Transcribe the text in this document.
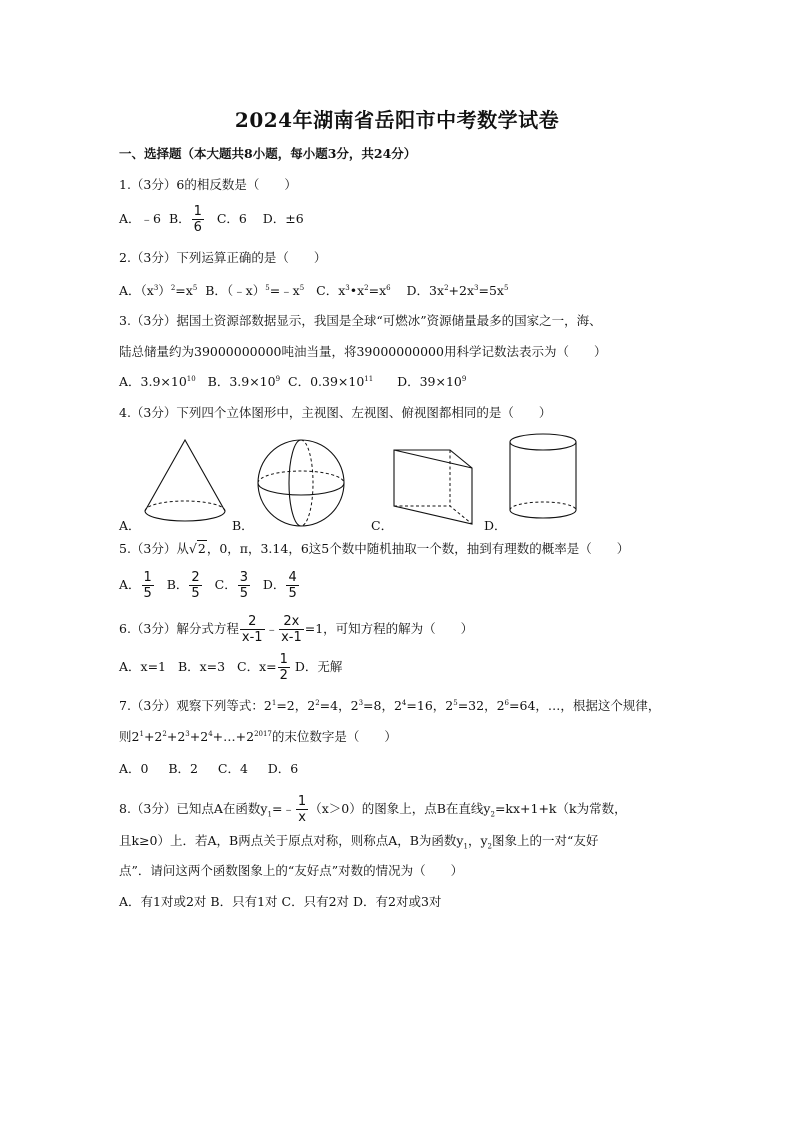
2024年湖南省岳阳市中考数学试卷
一、选择题（本大题共8小题，每小题3分，共24分）
1.（3分）6的相反数是（　　）
A．﹣6 B． $\frac{1}{6}$ C．6 D．±6
2.（3分）下列运算正确的是（　　）
A．$(x^3)^2=x^5$ B．$(﹣x)^5=﹣x^5$ C．$x^3•x^2=x^6$ D．$3x^2+2x^3=5x^5$
3.（3分）据国土资源部数据显示，我国是全球“可燃冰”资源储量最多的国家之一，海、
陆总储量约为39000000000吨油当量，将39000000000用科学记数法表示为（　　）
A．$3.9\times 10^{10}$ B．$3.9\times 10^9$ C．$0.39\times 10^{11}$ D．$39\times 10^9$
4.（3分）下列四个立体图形中，主视图、左视图、俯视图都相同的是（　　）
A．	B．	C．	D．
5.（3分）从√2，0，π，3.14，6这5个数中随机抽取一个数，抽到有理数的概率是（　　）
A． $\frac{1}{5}$ B． $\frac{2}{5}$ C． $\frac{3}{5}$ D． $\frac{4}{5}$
6.（3分）解分式方程 $\frac{2}{x-1}$ ﹣ $\frac{2x}{x-1} =1$，可知方程的解为（　　）
A．x=1 B．x=3 C．$x= \frac{1}{2}$ D．无解
7.（3分）观察下列等式：$2^1=2$，$2^2=4$，$2^3=8$，$2^4=16$，$2^5=32$，$2^6=64$，…，根据这个规律，
则$2^1+2^2+2^3+2^4+\dots+2^{2017}$的末位数字是（　　）
A．0 B．2 C．4 D．6
8.（3分）已知点A在函数$y_1=﹣ \frac{1}{x} (x>0)$的图象上，点B在直线$y_2=kx+1+k(k$为常数，
且k≥0）上．若A，B两点关于原点对称，则称点A，B为函数$y_1$，$y_2$图象上的一对“友好
点”．请问这两个函数图象上的“友好点”对数的情况为（　　）
A．有1对或2对 B．只有1对 C．只有2对 D．有2对或3对
